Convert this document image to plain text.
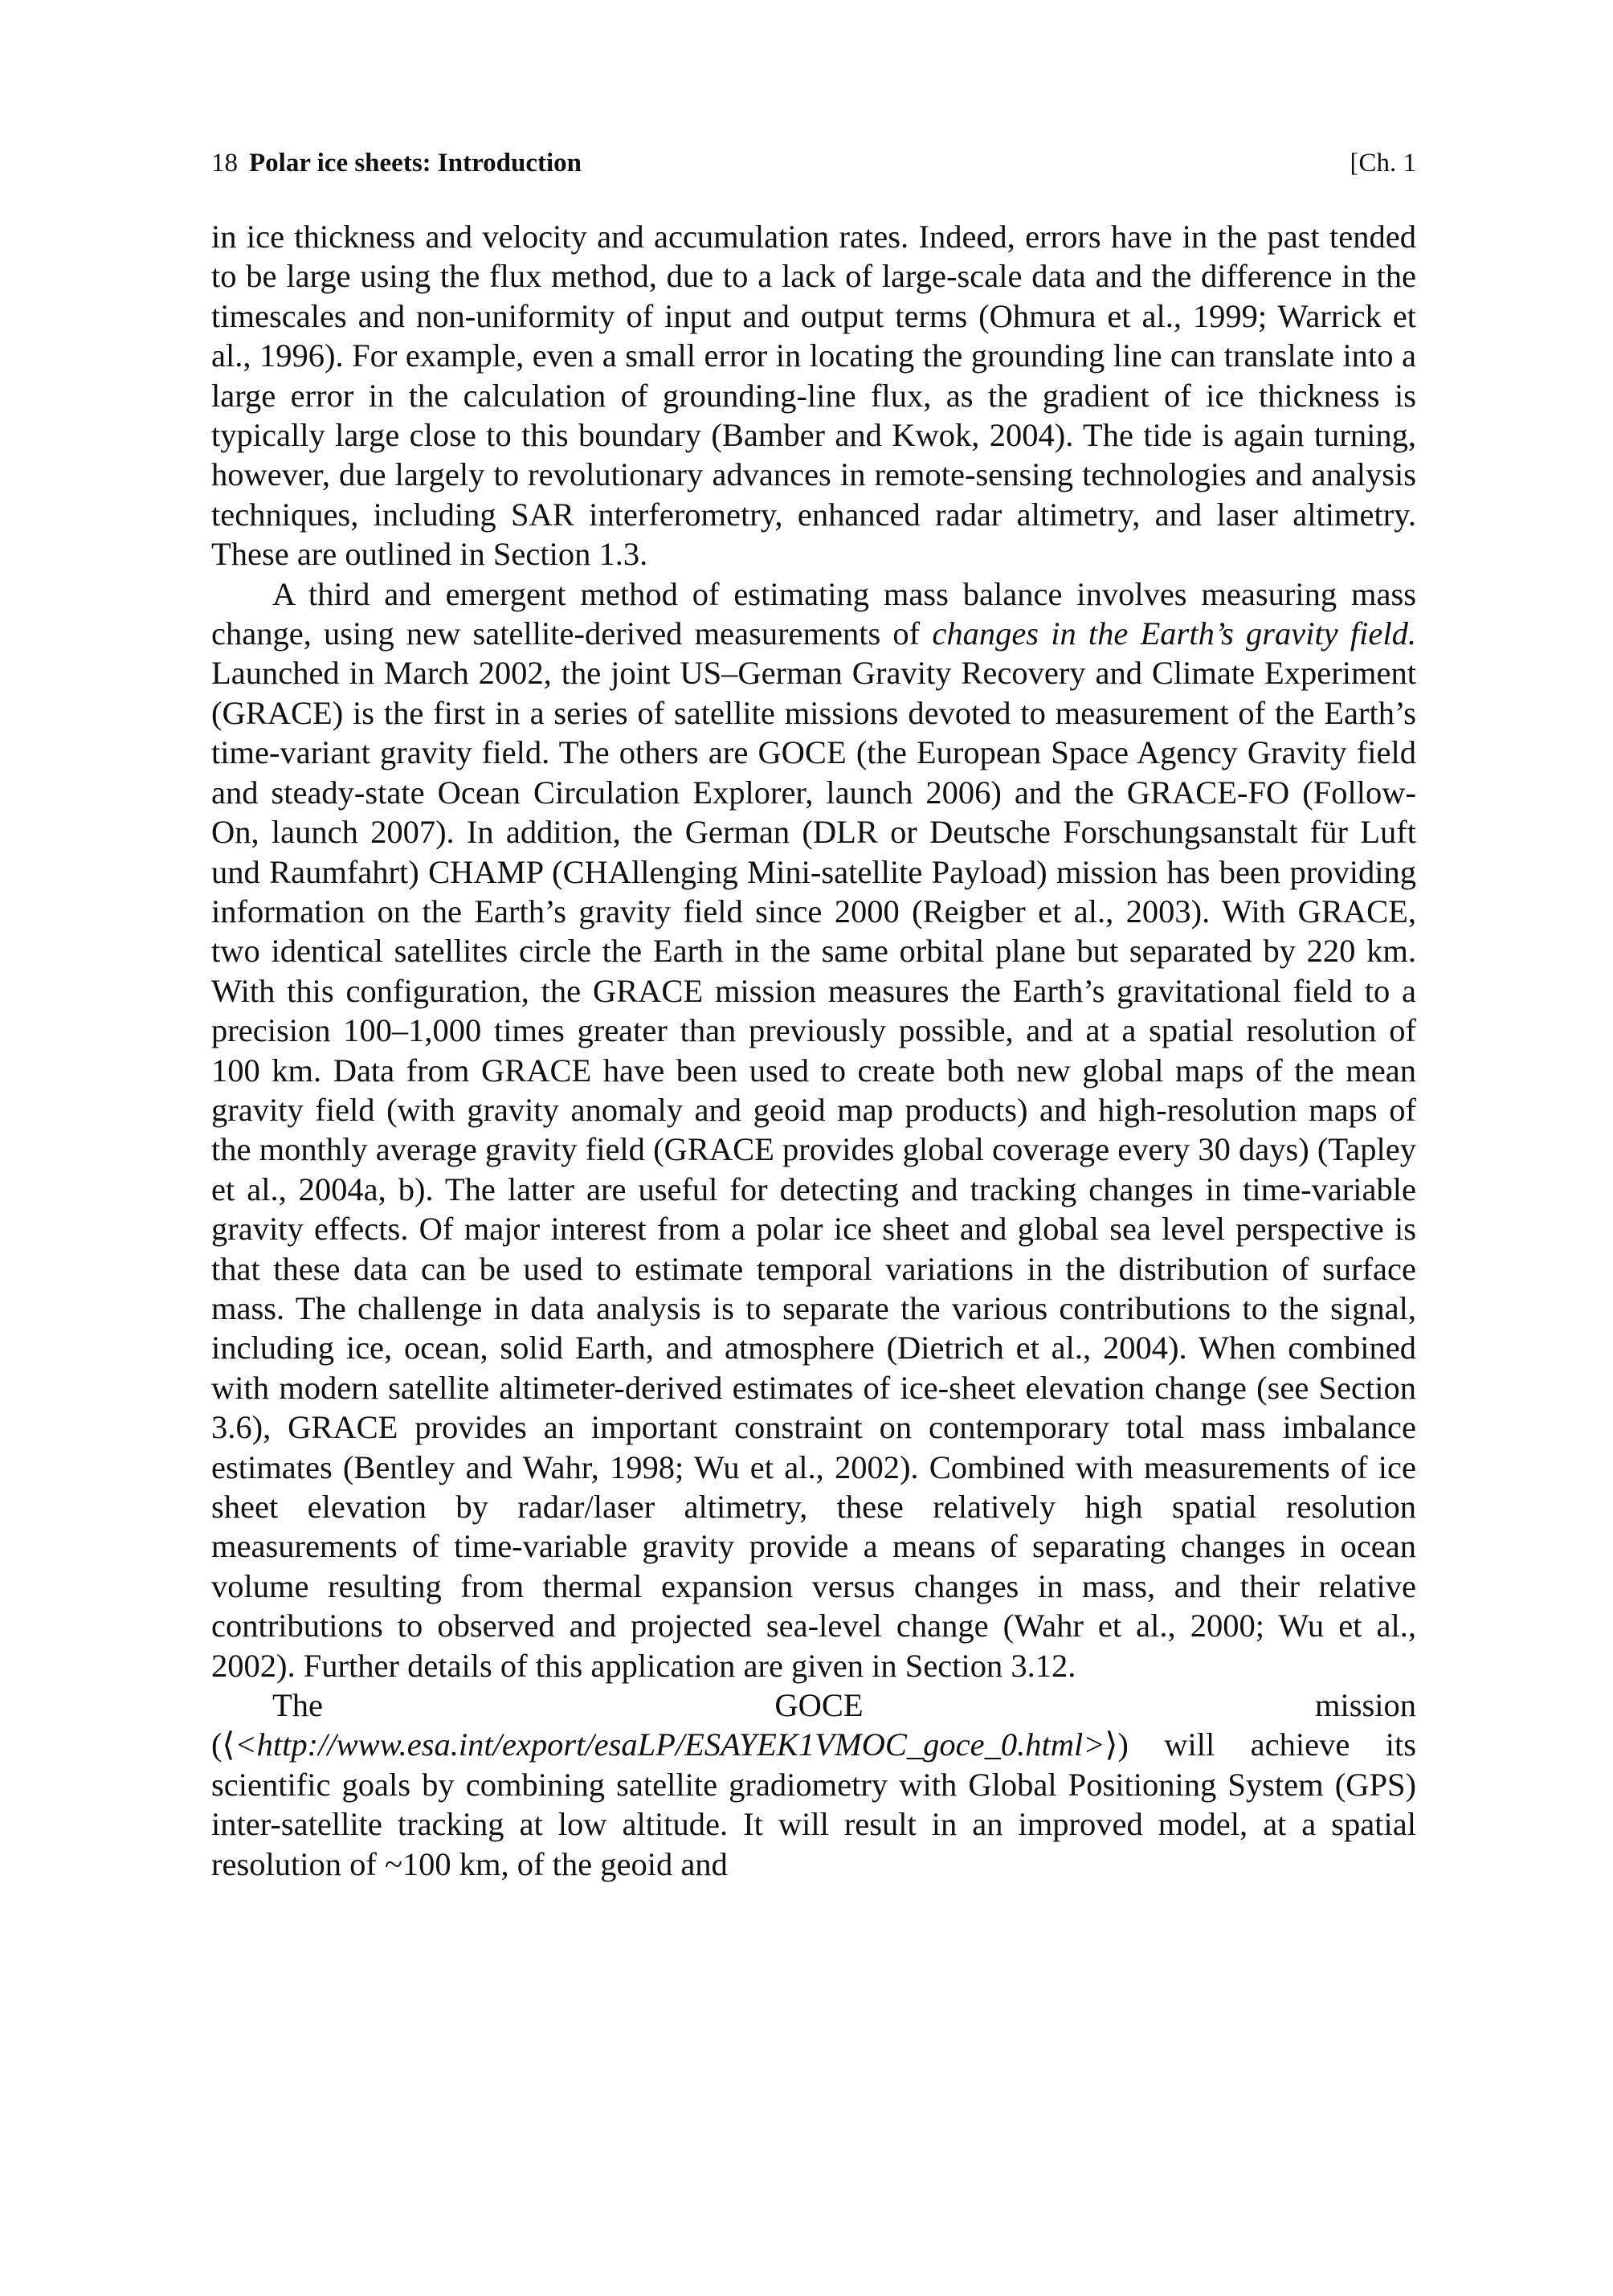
18 Polar ice sheets: Introduction	[Ch. 1

in ice thickness and velocity and accumulation rates. Indeed, errors have in the past tended to be large using the flux method, due to a lack of large-scale data and the difference in the timescales and non-uniformity of input and output terms (Ohmura et al., 1999; Warrick et al., 1996). For example, even a small error in locating the grounding line can translate into a large error in the calculation of grounding-line flux, as the gradient of ice thickness is typically large close to this boundary (Bamber and Kwok, 2004). The tide is again turning, however, due largely to revolutionary advances in remote-sensing technologies and analysis techniques, including SAR interferometry, enhanced radar altimetry, and laser altimetry. These are outlined in Section 1.3.

A third and emergent method of estimating mass balance involves measuring mass change, using new satellite-derived measurements of changes in the Earth’s gravity field. Launched in March 2002, the joint US–German Gravity Recovery and Climate Experiment (GRACE) is the first in a series of satellite missions devoted to measurement of the Earth’s time-variant gravity field. The others are GOCE (the European Space Agency Gravity field and steady-state Ocean Circulation Explorer, launch 2006) and the GRACE-FO (Follow-On, launch 2007). In addition, the German (DLR or Deutsche Forschungsanstalt für Luft und Raumfahrt) CHAMP (CHAllenging Mini-satellite Payload) mission has been providing information on the Earth’s gravity field since 2000 (Reigber et al., 2003). With GRACE, two identical satellites circle the Earth in the same orbital plane but separated by 220 km. With this configuration, the GRACE mission measures the Earth’s gravitational field to a precision 100–1,000 times greater than previously possible, and at a spatial resolution of 100 km. Data from GRACE have been used to create both new global maps of the mean gravity field (with gravity anomaly and geoid map products) and high-resolution maps of the monthly average gravity field (GRACE provides global coverage every 30 days) (Tapley et al., 2004a, b). The latter are useful for detecting and tracking changes in time-variable gravity effects. Of major interest from a polar ice sheet and global sea level perspective is that these data can be used to estimate temporal variations in the distribution of surface mass. The challenge in data analysis is to separate the various contributions to the signal, including ice, ocean, solid Earth, and atmosphere (Dietrich et al., 2004). When combined with modern satellite altimeter-derived estimates of ice-sheet elevation change (see Section 3.6), GRACE provides an important constraint on contemporary total mass imbalance estimates (Bentley and Wahr, 1998; Wu et al., 2002). Combined with measurements of ice sheet elevation by radar/laser altimetry, these relatively high spatial resolution measurements of time-variable gravity provide a means of separating changes in ocean volume resulting from thermal expansion versus changes in mass, and their relative contributions to observed and projected sea-level change (Wahr et al., 2000; Wu et al., 2002). Further details of this application are given in Section 3.12.

The GOCE mission (⟨<http://www.esa.int/export/esaLP/ESAYEK1VMOC_goce_0.html>⟩) will achieve its scientific goals by combining satellite gradiometry with Global Positioning System (GPS) inter-satellite tracking at low altitude. It will result in an improved model, at a spatial resolution of ~100 km, of the geoid and
